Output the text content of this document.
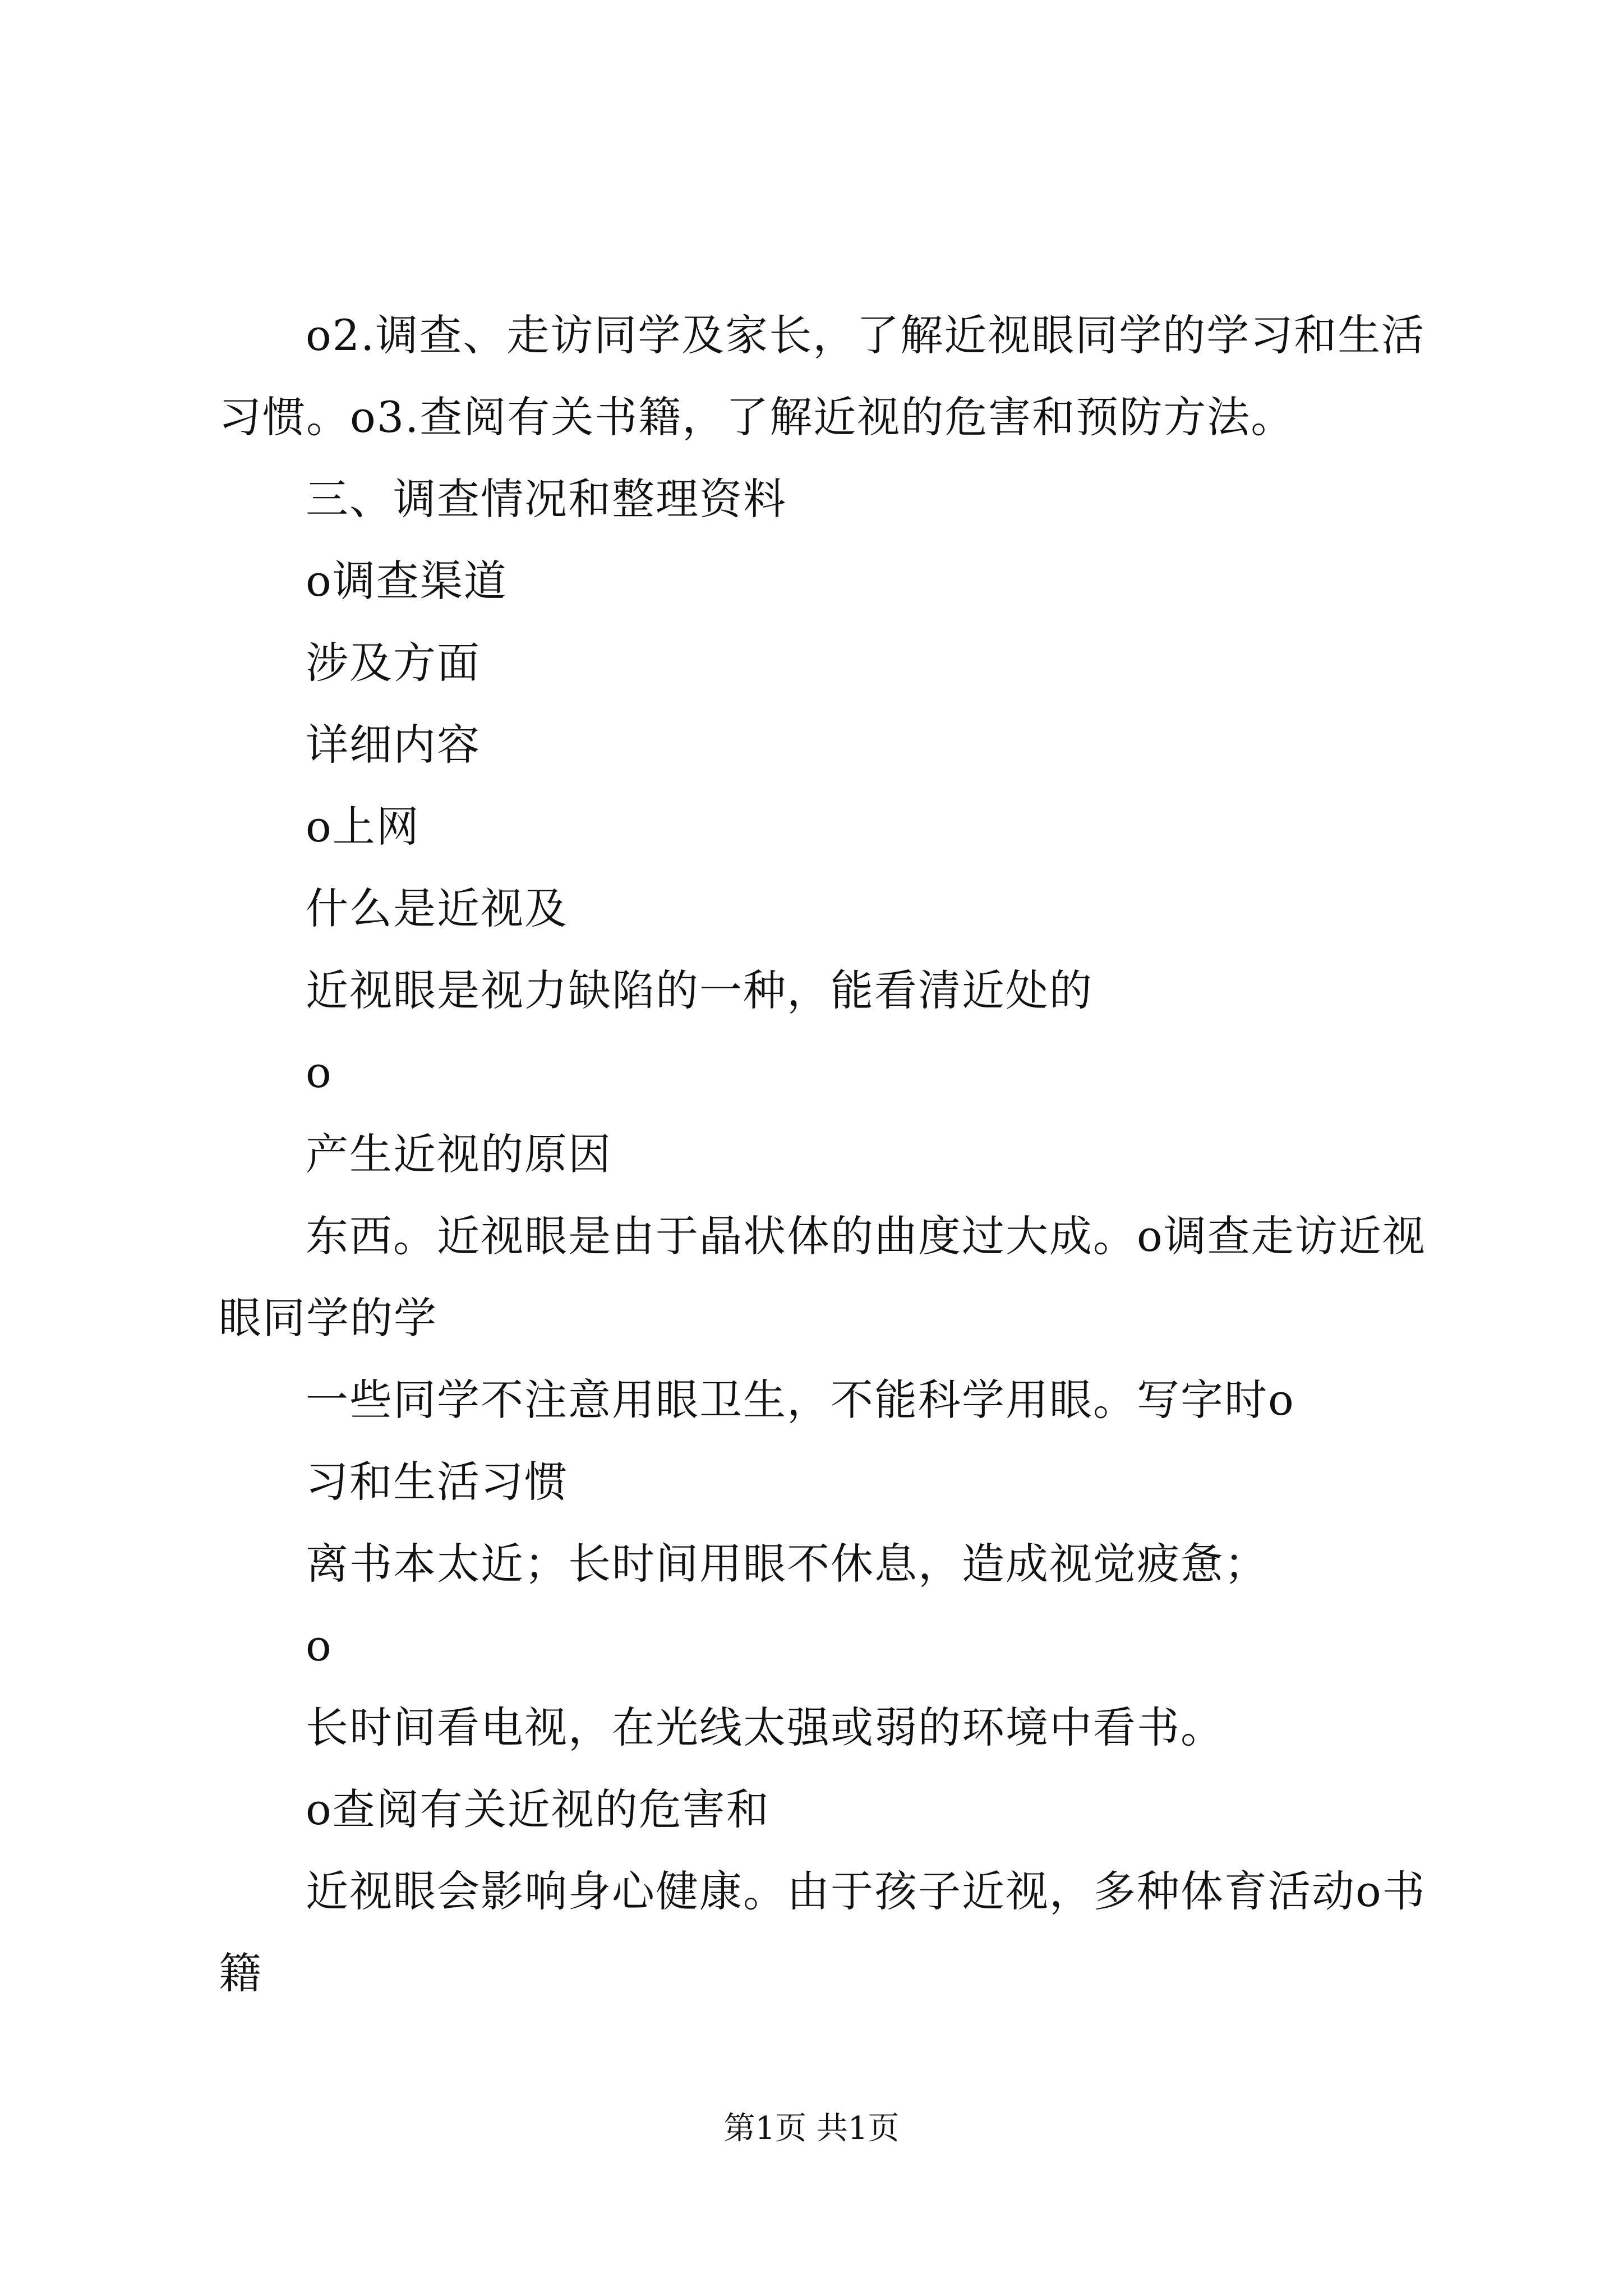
o2.调查、走访同学及家长，了解近视眼同学的学习和生活
习惯。o3.查阅有关书籍，了解近视的危害和预防方法。
三、调查情况和整理资料
o调查渠道
涉及方面
详细内容
o上网
什么是近视及
近视眼是视力缺陷的一种，能看清近处的
o
产生近视的原因
东西。近视眼是由于晶状体的曲度过大成。o调查走访近视
眼同学的学
一些同学不注意用眼卫生，不能科学用眼。写字时o
习和生活习惯
离书本太近；长时间用眼不休息，造成视觉疲惫；
o
长时间看电视，在光线太强或弱的环境中看书。
o查阅有关近视的危害和
近视眼会影响身心健康。由于孩子近视，多种体育活动o书
籍
第1页 共1页
